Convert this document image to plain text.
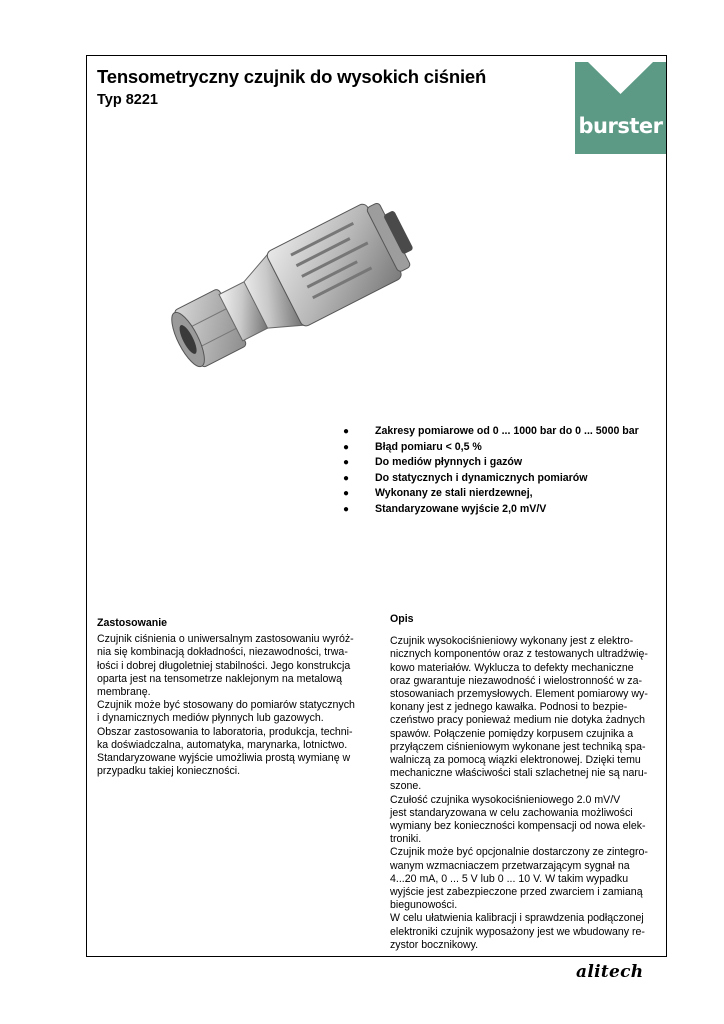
Tensometryczny czujnik do wysokich ciśnień
Typ 8221
burster
● Zakresy pomiarowe od 0 ... 1000 bar do 0 ... 5000 bar
● Błąd pomiaru < 0,5 %
● Do mediów płynnych i gazów
● Do statycznych i dynamicznych pomiarów
● Wykonany ze stali nierdzewnej,
● Standaryzowane wyjście 2,0 mV/V
Zastosowanie
Czujnik ciśnienia o uniwersalnym zastosowaniu wyróż-
nia się kombinacją dokładności, niezawodności, trwa-
łości i dobrej długoletniej stabilności. Jego konstrukcja
oparta jest na tensometrze naklejonym na metalową
membranę.
Czujnik może być stosowany do pomiarów statycznych
i dynamicznych mediów płynnych lub gazowych.
Obszar zastosowania to laboratoria, produkcja, techni-
ka doświadczalna, automatyka, marynarka, lotnictwo.
Standaryzowane wyjście umożliwia prostą wymianę w
przypadku takiej konieczności.
Opis
Czujnik wysokociśnieniowy wykonany jest z elektro-
nicznych komponentów oraz z testowanych ultradźwię-
kowo materiałów. Wyklucza to defekty mechaniczne
oraz gwarantuje niezawodność i wielostronność w za-
stosowaniach przemysłowych. Element pomiarowy wy-
konany jest z jednego kawałka. Podnosi to bezpie-
czeństwo pracy ponieważ medium nie dotyka żadnych
spawów. Połączenie pomiędzy korpusem czujnika a
przyłączem ciśnieniowym wykonane jest techniką spa-
walniczą za pomocą wiązki elektronowej. Dzięki temu
mechaniczne właściwości stali szlachetnej nie są naru-
szone.
Czułość czujnika wysokociśnieniowego 2.0 mV/V
jest standaryzowana w celu zachowania możliwości
wymiany bez konieczności kompensacji od nowa elek-
troniki.
Czujnik może być opcjonalnie dostarczony ze zintegro-
wanym wzmacniaczem przetwarzającym sygnał na
4...20 mA, 0 ... 5 V lub 0 ... 10 V. W takim wypadku
wyjście jest zabezpieczone przed zwarciem i zamianą
biegunowości.
W celu ułatwienia kalibracji i sprawdzenia podłączonej
elektroniki czujnik wyposażony jest we wbudowany re-
zystor bocznikowy.
alitech
